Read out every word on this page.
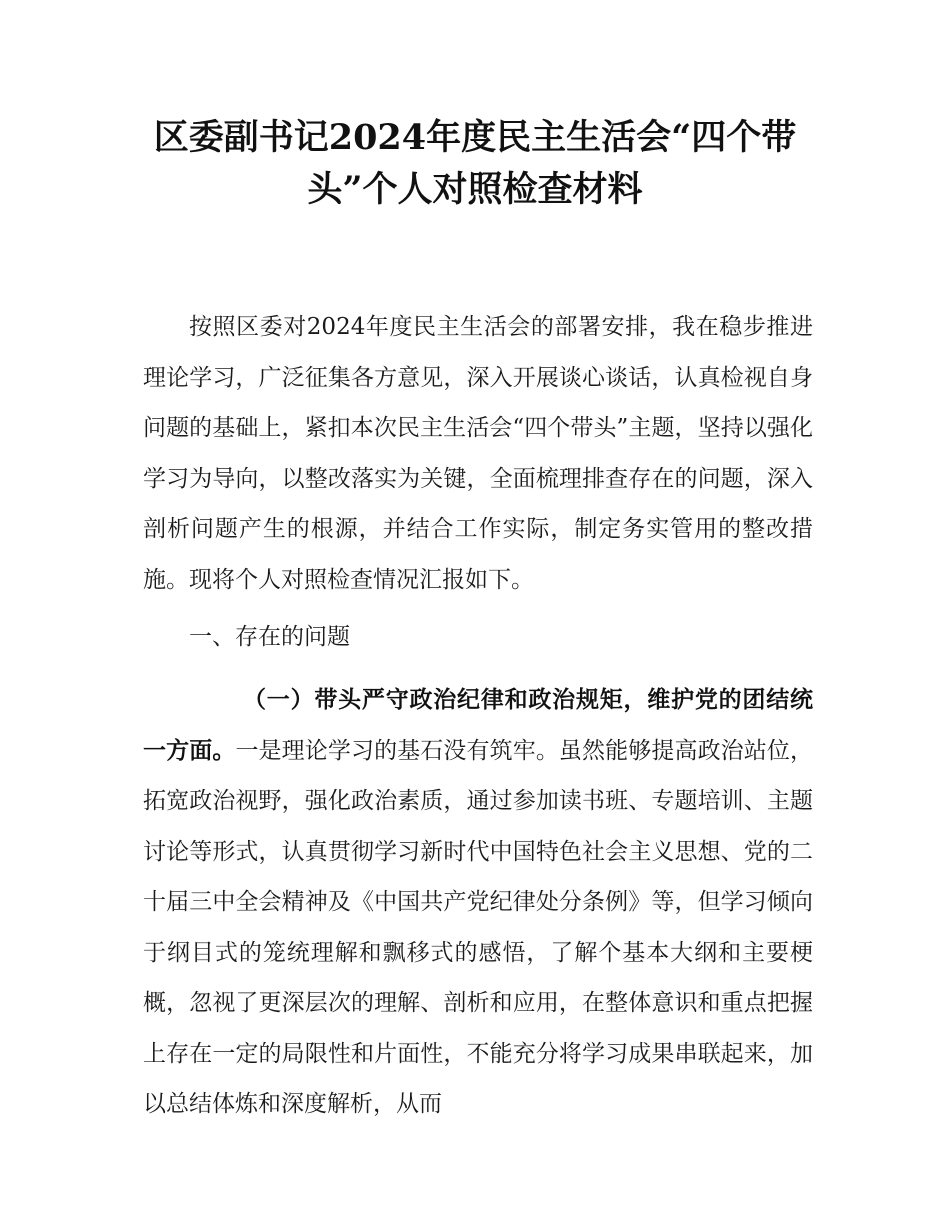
区委副书记2024年度民主生活会“四个带头”个人对照检查材料

按照区委对2024年度民主生活会的部署安排，我在稳步推进理论学习，广泛征集各方意见，深入开展谈心谈话，认真检视自身问题的基础上，紧扣本次民主生活会“四个带头”主题，坚持以强化学习为导向，以整改落实为关键，全面梳理排查存在的问题，深入剖析问题产生的根源，并结合工作实际，制定务实管用的整改措施。现将个人对照检查情况汇报如下。

一、存在的问题

（一）带头严守政治纪律和政治规矩，维护党的团结统一方面。一是理论学习的基石没有筑牢。虽然能够提高政治站位，拓宽政治视野，强化政治素质，通过参加读书班、专题培训、主题讨论等形式，认真贯彻学习新时代中国特色社会主义思想、党的二十届三中全会精神及《中国共产党纪律处分条例》等，但学习倾向于纲目式的笼统理解和飘移式的感悟，了解个基本大纲和主要梗概，忽视了更深层次的理解、剖析和应用，在整体意识和重点把握上存在一定的局限性和片面性，不能充分将学习成果串联起来，加以总结体炼和深度解析，从而
